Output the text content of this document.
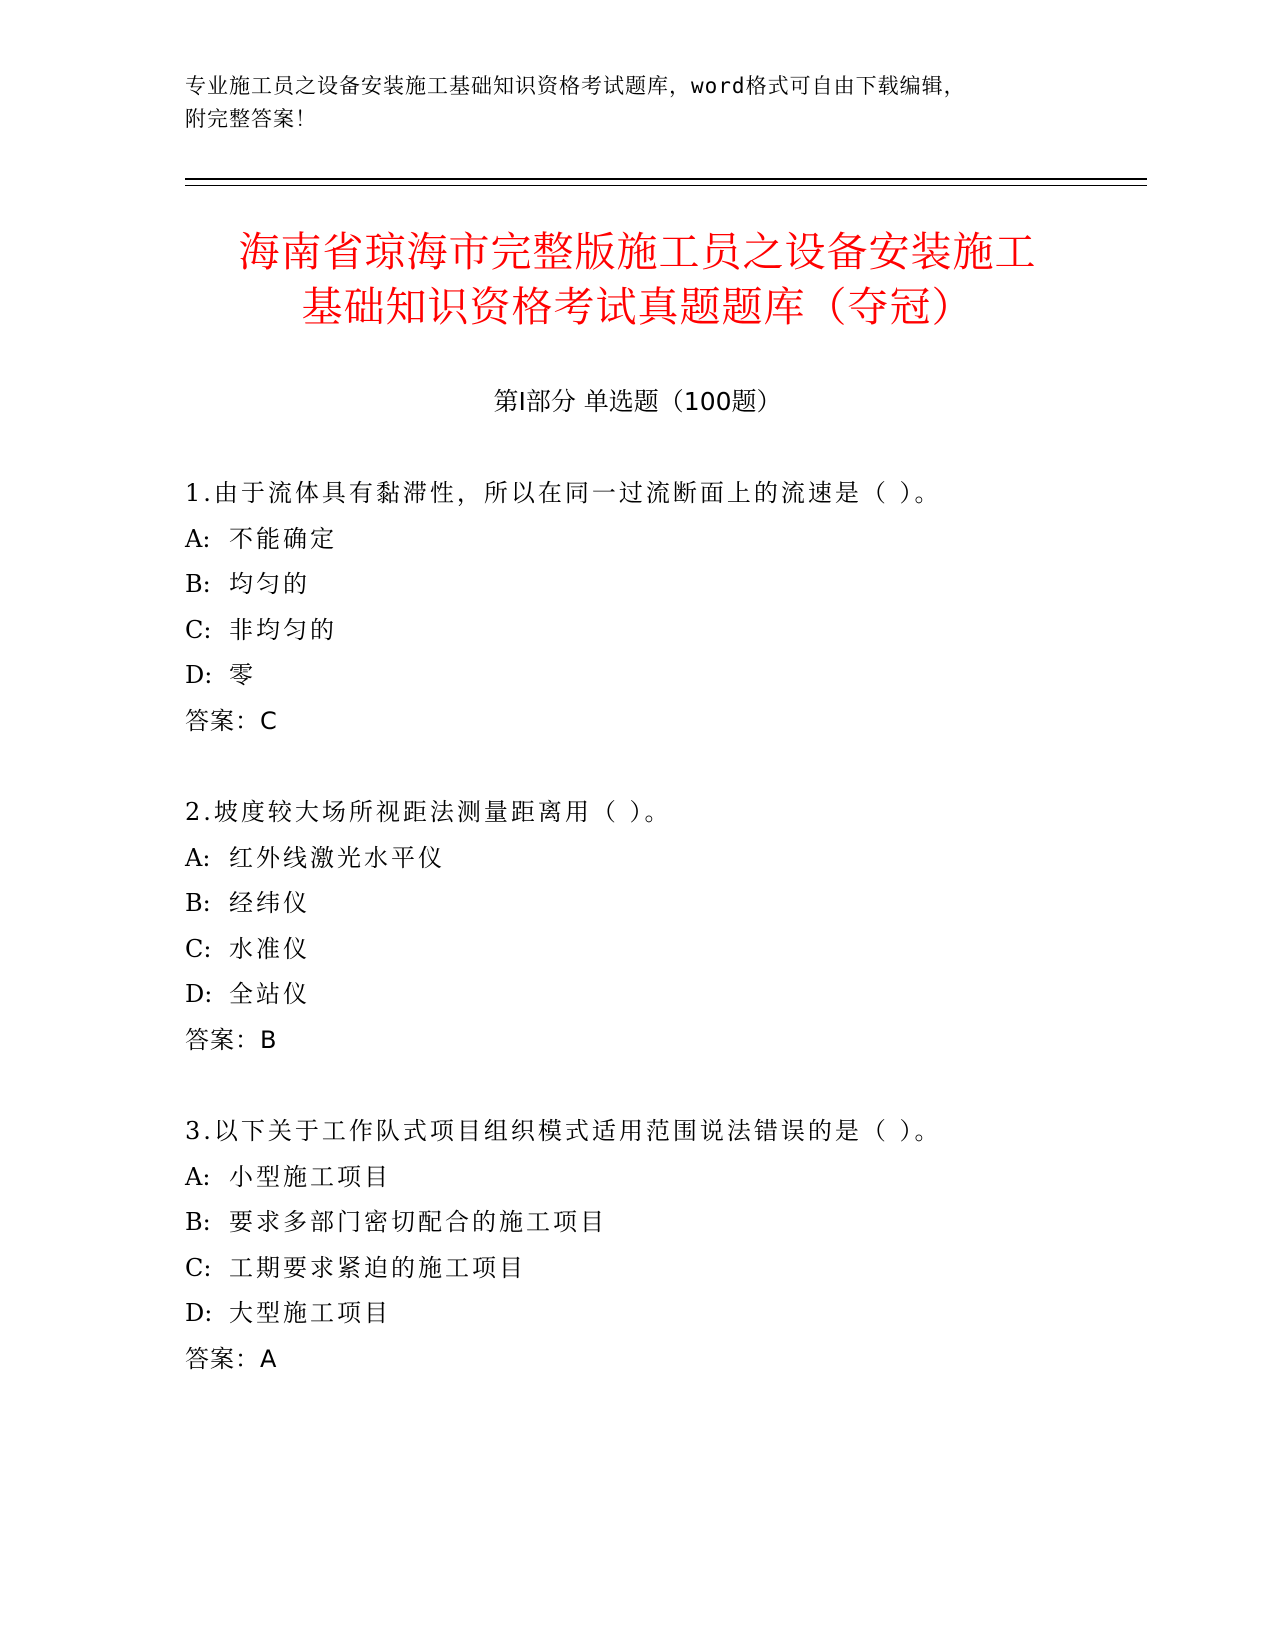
专业施工员之设备安装施工基础知识资格考试题库，word格式可自由下载编辑，
附完整答案！
海南省琼海市完整版施工员之设备安装施工
基础知识资格考试真题题库（夺冠）
第Ⅰ部分 单选题（100题）
1.由于流体具有黏滞性，所以在同一过流断面上的流速是（ ）。
A: 不能确定
B: 均匀的
C: 非均匀的
D: 零
答案：C
2.坡度较大场所视距法测量距离用（ ）。
A: 红外线激光水平仪
B: 经纬仪
C: 水准仪
D: 全站仪
答案：B
3.以下关于工作队式项目组织模式适用范围说法错误的是（ ）。
A: 小型施工项目
B: 要求多部门密切配合的施工项目
C: 工期要求紧迫的施工项目
D: 大型施工项目
答案：A
